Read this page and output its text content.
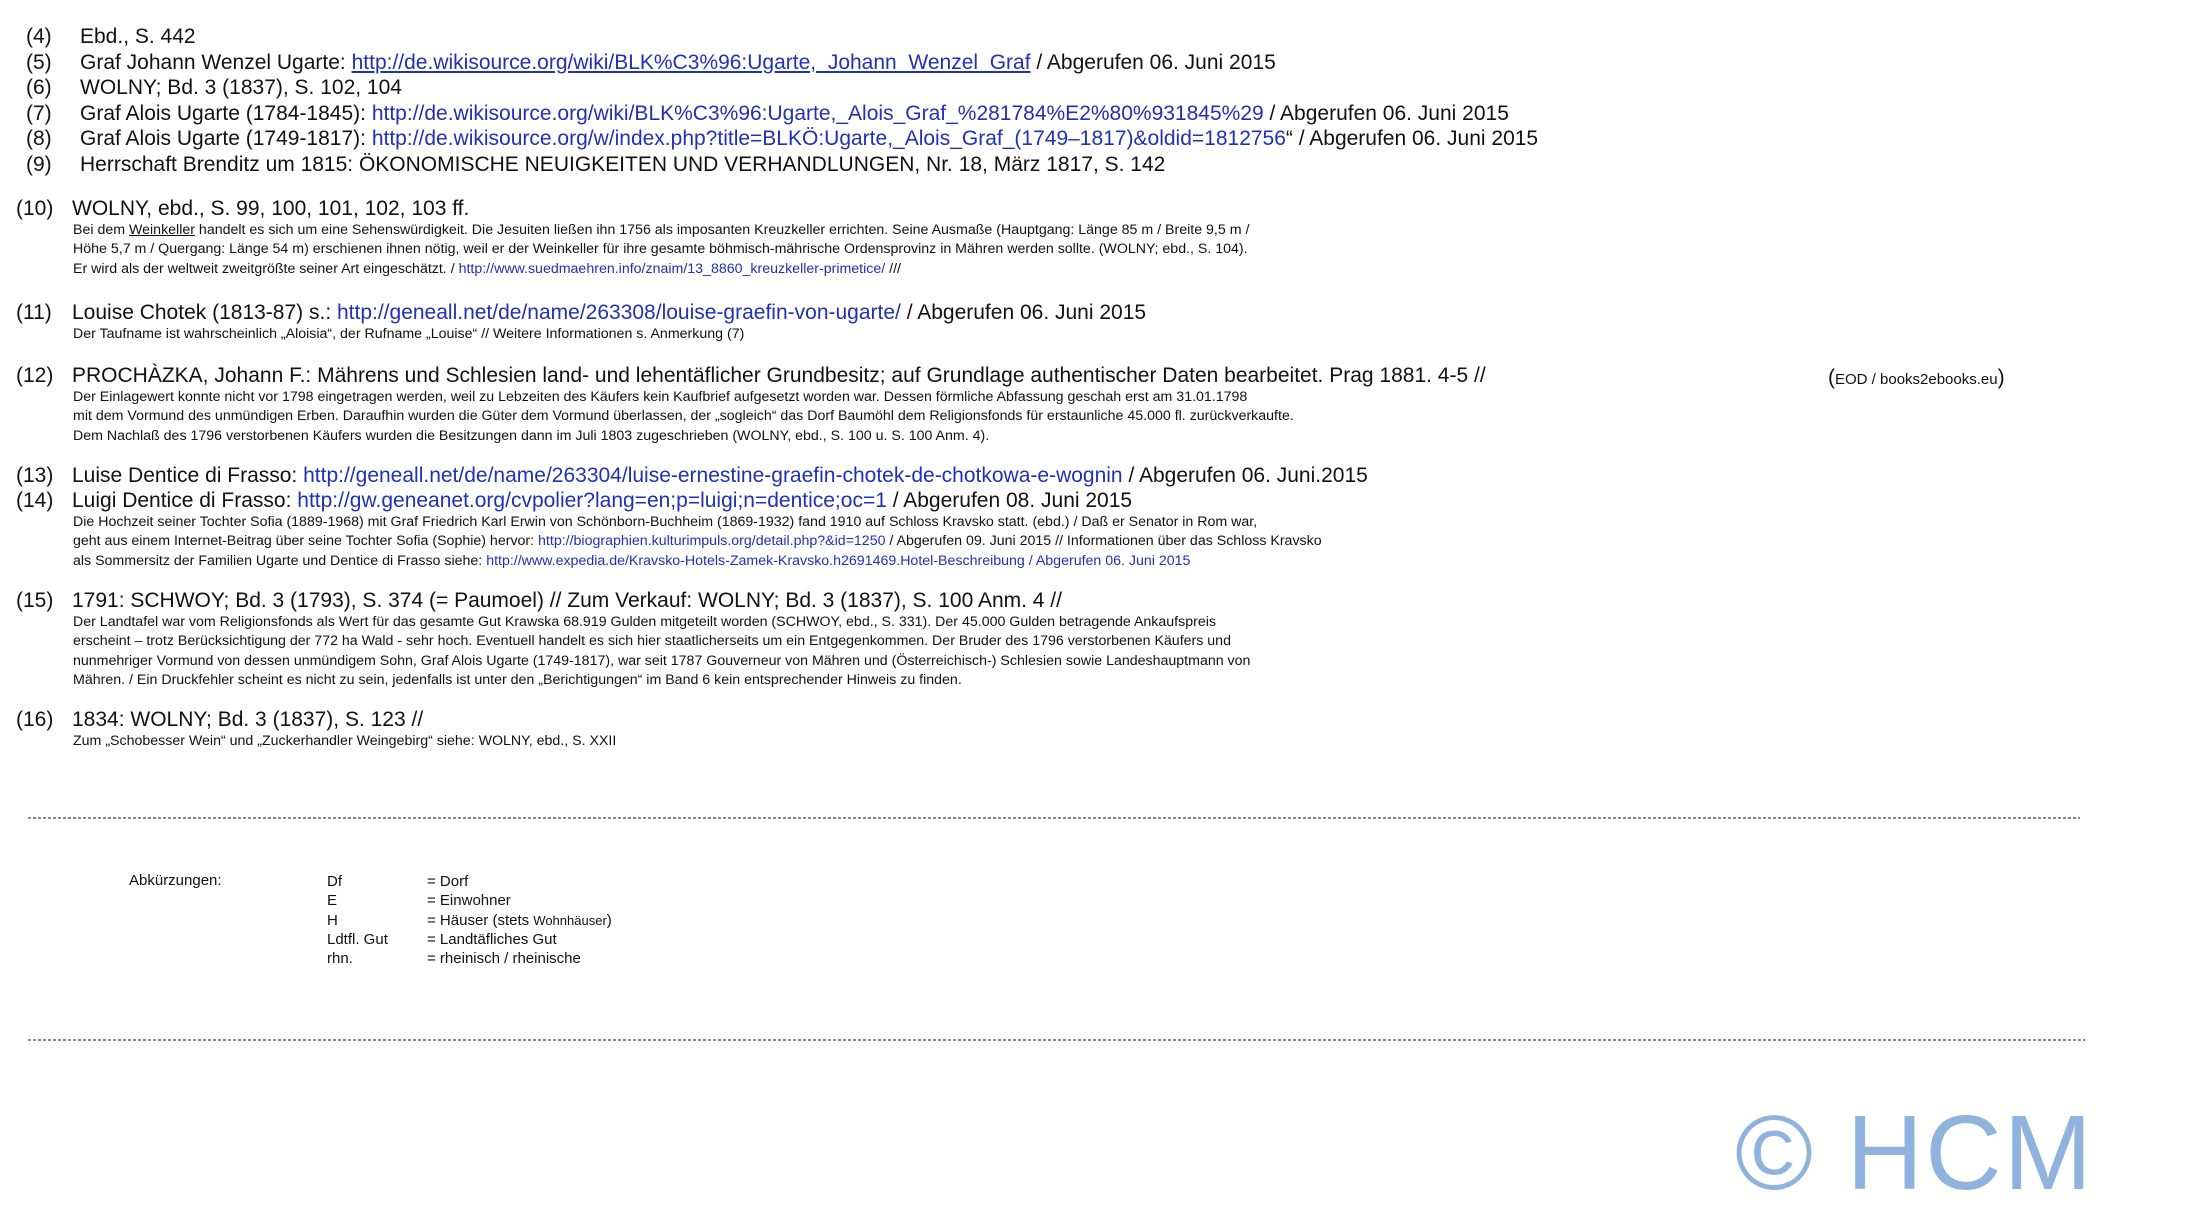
(4) Ebd., S. 442
(5) Graf Johann Wenzel Ugarte: http://de.wikisource.org/wiki/BLK%C3%96:Ugarte,_Johann_Wenzel_Graf / Abgerufen 06. Juni 2015
(6) WOLNY; Bd. 3 (1837), S. 102, 104
(7) Graf Alois Ugarte (1784-1845): http://de.wikisource.org/wiki/BLK%C3%96:Ugarte,_Alois_Graf_%281784%E2%80%931845%29 / Abgerufen 06. Juni 2015
(8) Graf Alois Ugarte (1749-1817): http://de.wikisource.org/w/index.php?title=BLKÖ:Ugarte,_Alois_Graf_(1749–1817)&oldid=1812756“ / Abgerufen 06. Juni 2015
(9) Herrschaft Brenditz um 1815: ÖKONOMISCHE NEUIGKEITEN UND VERHANDLUNGEN, Nr. 18, März 1817, S. 142
(10) WOLNY, ebd., S. 99, 100, 101, 102, 103 ff.
Bei dem Weinkeller handelt es sich um eine Sehenswürdigkeit. Die Jesuiten ließen ihn 1756 als imposanten Kreuzkeller errichten. Seine Ausmaße (Hauptgang: Länge 85 m / Breite 9,5 m /
Höhe 5,7 m / Quergang: Länge 54 m) erschienen ihnen nötig, weil er der Weinkeller für ihre gesamte böhmisch-mährische Ordensprovinz in Mähren werden sollte. (WOLNY; ebd., S. 104).
Er wird als der weltweit zweitgrößte seiner Art eingeschätzt. / http://www.suedmaehren.info/znaim/13_8860_kreuzkeller-primetice/ ///
(11) Louise Chotek (1813-87) s.: http://geneall.net/de/name/263308/louise-graefin-von-ugarte/ / Abgerufen 06. Juni 2015
Der Taufname ist wahrscheinlich „Aloisia“, der Rufname „Louise“ // Weitere Informationen s. Anmerkung (7)
(12) PROCHÀZKA, Johann F.: Mährens und Schlesien land- und lehentäflicher Grundbesitz; auf Grundlage authentischer Daten bearbeitet. Prag 1881. 4-5 //
Der Einlagewert konnte nicht vor 1798 eingetragen werden, weil zu Lebzeiten des Käufers kein Kaufbrief aufgesetzt worden war. Dessen förmliche Abfassung geschah erst am 31.01.1798
mit dem Vormund des unmündigen Erben. Daraufhin wurden die Güter dem Vormund überlassen, der „sogleich“ das Dorf Baumöhl dem Religionsfonds für erstaunliche 45.000 fl. zurückverkaufte.
Dem Nachlaß des 1796 verstorbenen Käufers wurden die Besitzungen dann im Juli 1803 zugeschrieben (WOLNY, ebd., S. 100 u. S. 100 Anm. 4).
(EOD / books2ebooks.eu)
(13) Luise Dentice di Frasso: http://geneall.net/de/name/263304/luise-ernestine-graefin-chotek-de-chotkowa-e-wognin / Abgerufen 06. Juni.2015
(14) Luigi Dentice di Frasso: http://gw.geneanet.org/cvpolier?lang=en;p=luigi;n=dentice;oc=1 / Abgerufen 08. Juni 2015
Die Hochzeit seiner Tochter Sofia (1889-1968) mit Graf Friedrich Karl Erwin von Schönborn-Buchheim (1869-1932) fand 1910 auf Schloss Kravsko statt. (ebd.) / Daß er Senator in Rom war,
geht aus einem Internet-Beitrag über seine Tochter Sofia (Sophie) hervor: http://biographien.kulturimpuls.org/detail.php?&id=1250 / Abgerufen 09. Juni 2015 // Informationen über das Schloss Kravsko
als Sommersitz der Familien Ugarte und Dentice di Frasso siehe: http://www.expedia.de/Kravsko-Hotels-Zamek-Kravsko.h2691469.Hotel-Beschreibung / Abgerufen 06. Juni 2015
(15) 1791: SCHWOY; Bd. 3 (1793), S. 374 (= Paumoel) // Zum Verkauf: WOLNY; Bd. 3 (1837), S. 100 Anm. 4 //
Der Landtafel war vom Religionsfonds als Wert für das gesamte Gut Krawska 68.919 Gulden mitgeteilt worden (SCHWOY, ebd., S. 331). Der 45.000 Gulden betragende Ankaufspreis
erscheint – trotz Berücksichtigung der 772 ha Wald - sehr hoch. Eventuell handelt es sich hier staatlicherseits um ein Entgegenkommen. Der Bruder des 1796 verstorbenen Käufers und
nunmehriger Vormund von dessen unmündigem Sohn, Graf Alois Ugarte (1749-1817), war seit 1787 Gouverneur von Mähren und (Österreichisch-) Schlesien sowie Landeshauptmann von
Mähren. / Ein Druckfehler scheint es nicht zu sein, jedenfalls ist unter den „Berichtigungen“ im Band 6 kein entsprechender Hinweis zu finden.
(16) 1834: WOLNY; Bd. 3 (1837), S. 123 //
Zum „Schobesser Wein“ und „Zuckerhandler Weingebirg“ siehe: WOLNY, ebd., S. XXII
Abkürzungen:	Df
E
H
Ldtfl. Gut
rhn.
= Dorf
= Einwohner
= Häuser (stets Wohnhäuser)
= Landtäfliches Gut
= rheinisch / rheinische
© HCM
